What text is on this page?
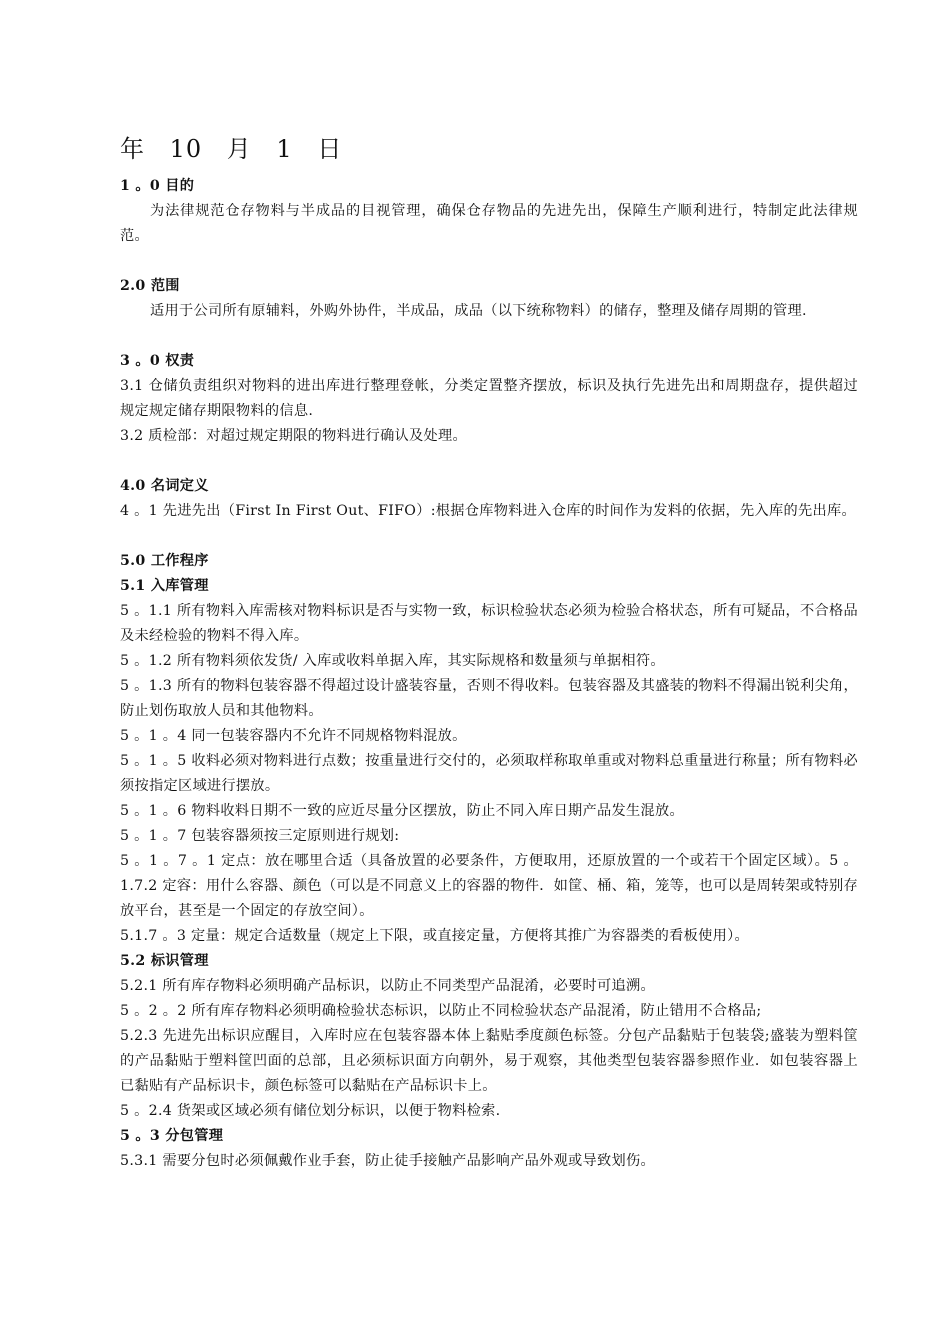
年 10 月 1 日

1 。0 目的

为法律规范仓存物料与半成品的目视管理，确保仓存物品的先进先出，保障生产顺利进行，特制定此法律规范。

2.0 范围

适用于公司所有原辅料，外购外协件，半成品，成品（以下统称物料）的储存，整理及储存周期的管理.

3 。0 权责

3.1 仓储负责组织对物料的进出库进行整理登帐，分类定置整齐摆放，标识及执行先进先出和周期盘存，提供超过规定规定储存期限物料的信息.

3.2 质检部：对超过规定期限的物料进行确认及处理。

4.0 名词定义

4 。1 先进先出（First In First Out、FIFO）:根据仓库物料进入仓库的时间作为发料的依据，先入库的先出库。

5.0 工作程序

5.1 入库管理

5 。1.1 所有物料入库需核对物料标识是否与实物一致，标识检验状态必须为检验合格状态，所有可疑品，不合格品及未经检验的物料不得入库。

5 。1.2 所有物料须依发货/ 入库或收料单据入库，其实际规格和数量须与单据相符。

5 。1.3 所有的物料包装容器不得超过设计盛装容量，否则不得收料。包装容器及其盛装的物料不得漏出锐利尖角，防止划伤取放人员和其他物料。

5 。1 。4 同一包装容器内不允许不同规格物料混放。

5 。1 。5 收料必须对物料进行点数；按重量进行交付的，必须取样称取单重或对物料总重量进行称量；所有物料必须按指定区域进行摆放。

5 。1 。6 物料收料日期不一致的应近尽量分区摆放，防止不同入库日期产品发生混放。

5 。1 。7 包装容器须按三定原则进行规划:

5 。1 。7 。1 定点：放在哪里合适（具备放置的必要条件，方便取用，还原放置的一个或若干个固定区域）。5 。1.7.2 定容：用什么容器、颜色（可以是不同意义上的容器的物件．如筐、桶、箱，笼等，也可以是周转架或特别存放平台，甚至是一个固定的存放空间）。

5.1.7 。3 定量：规定合适数量（规定上下限，或直接定量，方便将其推广为容器类的看板使用）。

5.2 标识管理

5.2.1 所有库存物料必须明确产品标识，以防止不同类型产品混淆，必要时可追溯。

5 。2 。2 所有库存物料必须明确检验状态标识，以防止不同检验状态产品混淆，防止错用不合格品;

5.2.3 先进先出标识应醒目，入库时应在包装容器本体上黏贴季度颜色标签。分包产品黏贴于包装袋;盛装为塑料筐的产品黏贴于塑料筐凹面的总部，且必须标识面方向朝外，易于观察，其他类型包装容器参照作业．如包装容器上已黏贴有产品标识卡，颜色标签可以黏贴在产品标识卡上。

5 。2.4 货架或区域必须有储位划分标识，以便于物料检索.

5 。3 分包管理

5.3.1 需要分包时必须佩戴作业手套，防止徒手接触产品影响产品外观或导致划伤。
